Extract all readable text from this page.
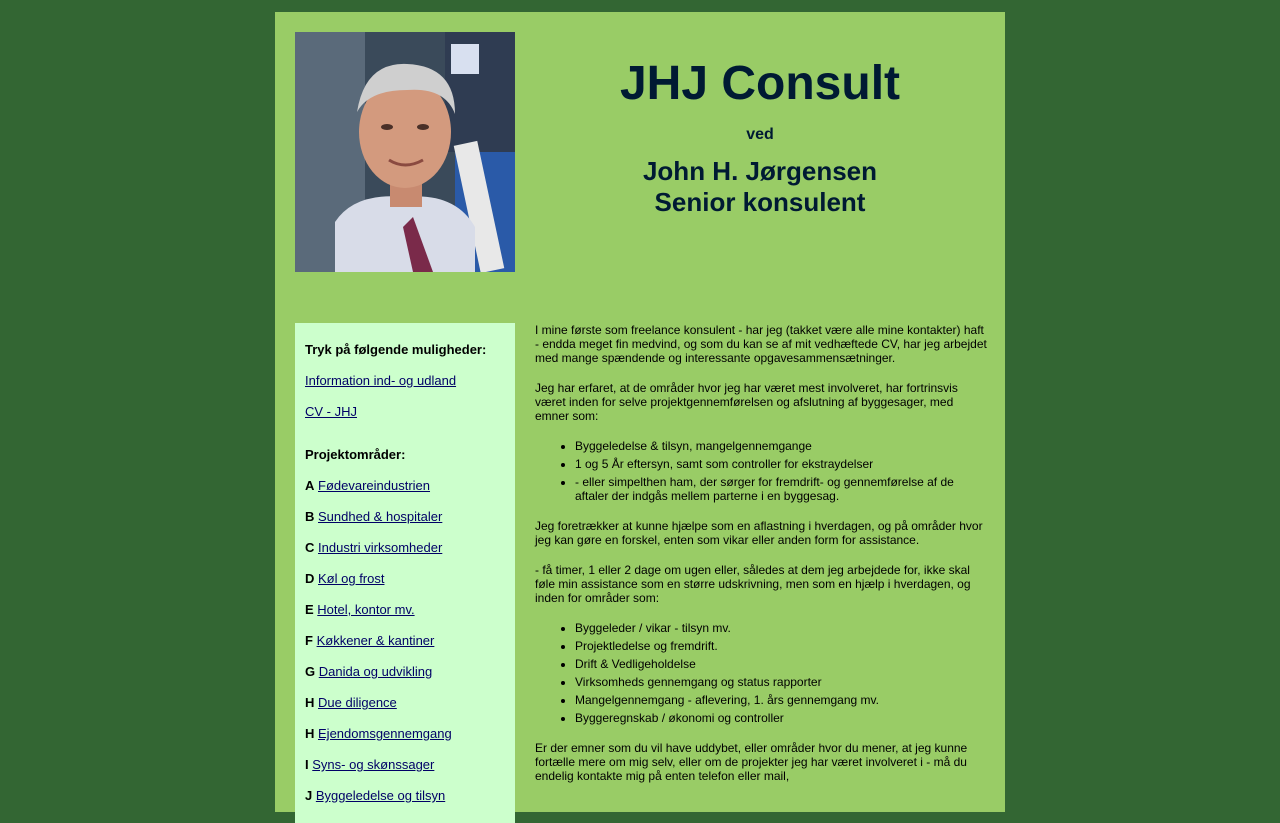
JHJ Consult
ved
John H. Jørgensen
Senior konsulent

Tryk på følgende muligheder:

Information ind- og udland

CV - JHJ

Projektområder:

A Fødevareindustrien

B Sundhed & hospitaler

C Industri virksomheder

D Køl og frost

E Hotel, kontor mv.

F Køkkener & kantiner

G Danida og udvikling

H Due diligence

H Ejendomsgennemgang

I Syns- og skønssager

J Byggeledelse og tilsyn

I mine første som freelance konsulent - har jeg (takket være alle mine kontakter) haft - endda meget fin medvind, og som du kan se af mit vedhæftede CV, har jeg arbejdet med mange spændende og interessante opgavesammensætninger.

Jeg har erfaret, at de områder hvor jeg har været mest involveret, har fortrinsvis været inden for selve projektgennemførelsen og afslutning af byggesager, med emner som:

• Byggeledelse & tilsyn, mangelgennemgange
• 1 og 5 År eftersyn, samt som controller for ekstraydelser
• - eller simpelthen ham, der sørger for fremdrift- og gennemførelse af de aftaler der indgås mellem parterne i en byggesag.

Jeg foretrækker at kunne hjælpe som en aflastning i hverdagen, og på områder hvor jeg kan gøre en forskel, enten som vikar eller anden form for assistance.

- få timer, 1 eller 2 dage om ugen eller, således at dem jeg arbejdede for, ikke skal føle min assistance som en større udskrivning, men som en hjælp i hverdagen, og inden for områder som:

• Byggeleder / vikar - tilsyn mv.
• Projektledelse og fremdrift.
• Drift & Vedligeholdelse
• Virksomheds gennemgang og status rapporter
• Mangelgennemgang - aflevering, 1. års gennemgang mv.
• Byggeregnskab / økonomi og controller

Er der emner som du vil have uddybet, eller områder hvor du mener, at jeg kunne fortælle mere om mig selv, eller om de projekter jeg har været involveret i - må du endelig kontakte mig på enten telefon eller mail,
